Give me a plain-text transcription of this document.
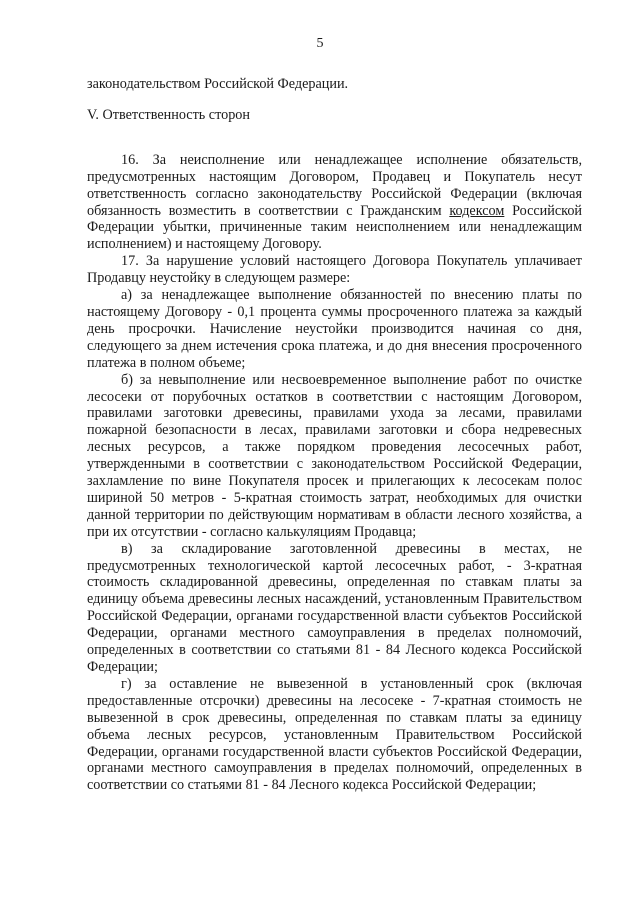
5

законодательством Российской Федерации.

V. Ответственность сторон

16. За неисполнение или ненадлежащее исполнение обязательств, предусмотренных настоящим Договором, Продавец и Покупатель несут ответственность согласно законодательству Российской Федерации (включая обязанность возместить в соответствии с Гражданским кодексом Российской Федерации убытки, причиненные таким неисполнением или ненадлежащим исполнением) и настоящему Договору.

17. За нарушение условий настоящего Договора Покупатель уплачивает Продавцу неустойку в следующем размере:

а) за ненадлежащее выполнение обязанностей по внесению платы по настоящему Договору - 0,1 процента суммы просроченного платежа за каждый день просрочки. Начисление неустойки производится начиная со дня, следующего за днем истечения срока платежа, и до дня внесения просроченного платежа в полном объеме;

б) за невыполнение или несвоевременное выполнение работ по очистке лесосеки от порубочных остатков в соответствии с настоящим Договором, правилами заготовки древесины, правилами ухода за лесами, правилами пожарной безопасности в лесах, правилами заготовки и сбора недревесных лесных ресурсов, а также порядком проведения лесосечных работ, утвержденными в соответствии с законодательством Российской Федерации, захламление по вине Покупателя просек и прилегающих к лесосекам полос шириной 50 метров - 5-кратная стоимость затрат, необходимых для очистки данной территории по действующим нормативам в области лесного хозяйства, а при их отсутствии - согласно калькуляциям Продавца;

в) за складирование заготовленной древесины в местах, не предусмотренных технологической картой лесосечных работ, - 3-кратная стоимость складированной древесины, определенная по ставкам платы за единицу объема древесины лесных насаждений, установленным Правительством Российской Федерации, органами государственной власти субъектов Российской Федерации, органами местного самоуправления в пределах полномочий, определенных в соответствии со статьями 81 - 84 Лесного кодекса Российской Федерации;

г) за оставление не вывезенной в установленный срок (включая предоставленные отсрочки) древесины на лесосеке - 7-кратная стоимость не вывезенной в срок древесины, определенная по ставкам платы за единицу объема лесных ресурсов, установленным Правительством Российской Федерации, органами государственной власти субъектов Российской Федерации, органами местного самоуправления в пределах полномочий, определенных в соответствии со статьями 81 - 84 Лесного кодекса Российской Федерации;
